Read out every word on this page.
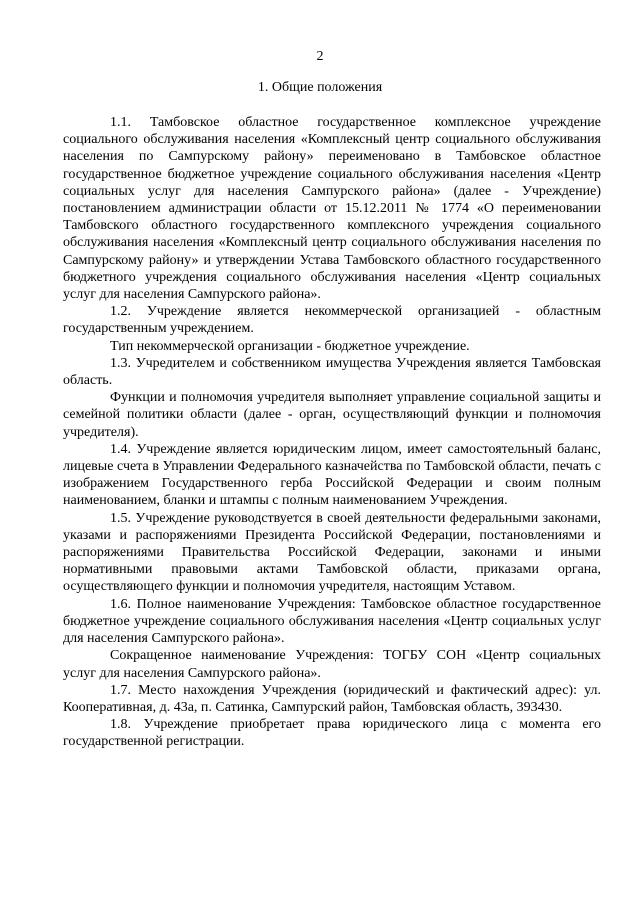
2
1. Общие положения

1.1. Тамбовское областное государственное комплексное учреждение социального обслуживания населения «Комплексный центр социального обслуживания населения по Сампурскому району» переименовано в Тамбовское областное государственное бюджетное учреждение социального обслуживания населения «Центр социальных услуг для населения Сампурского района» (далее - Учреждение) постановлением администрации области от 15.12.2011 № 1774 «О переименовании Тамбовского областного государственного комплексного учреждения социального обслуживания населения «Комплексный центр социального обслуживания населения по Сампурскому району» и утверждении Устава Тамбовского областного государственного бюджетного учреждения социального обслуживания населения «Центр социальных услуг для населения Сампурского района».

1.2. Учреждение является некоммерческой организацией - областным государственным учреждением.

Тип некоммерческой организации - бюджетное учреждение.

1.3. Учредителем и собственником имущества Учреждения является Тамбовская область.

Функции и полномочия учредителя выполняет управление социальной защиты и семейной политики области (далее - орган, осуществляющий функции и полномочия учредителя).

1.4. Учреждение является юридическим лицом, имеет самостоятельный баланс, лицевые счета в Управлении Федерального казначейства по Тамбовской области, печать с изображением Государственного герба Российской Федерации и своим полным наименованием, бланки и штампы с полным наименованием Учреждения.

1.5. Учреждение руководствуется в своей деятельности федеральными законами, указами и распоряжениями Президента Российской Федерации, постановлениями и распоряжениями Правительства Российской Федерации, законами и иными нормативными правовыми актами Тамбовской области, приказами органа, осуществляющего функции и полномочия учредителя, настоящим Уставом.

1.6. Полное наименование Учреждения: Тамбовское областное государственное бюджетное учреждение социального обслуживания населения «Центр социальных услуг для населения Сампурского района».

Сокращенное наименование Учреждения: ТОГБУ СОН «Центр социальных услуг для населения Сампурского района».

1.7. Место нахождения Учреждения (юридический и фактический адрес): ул. Кооперативная, д. 43а, п. Сатинка, Сампурский район, Тамбовская область, 393430.

1.8. Учреждение приобретает права юридического лица с момента его государственной регистрации.
